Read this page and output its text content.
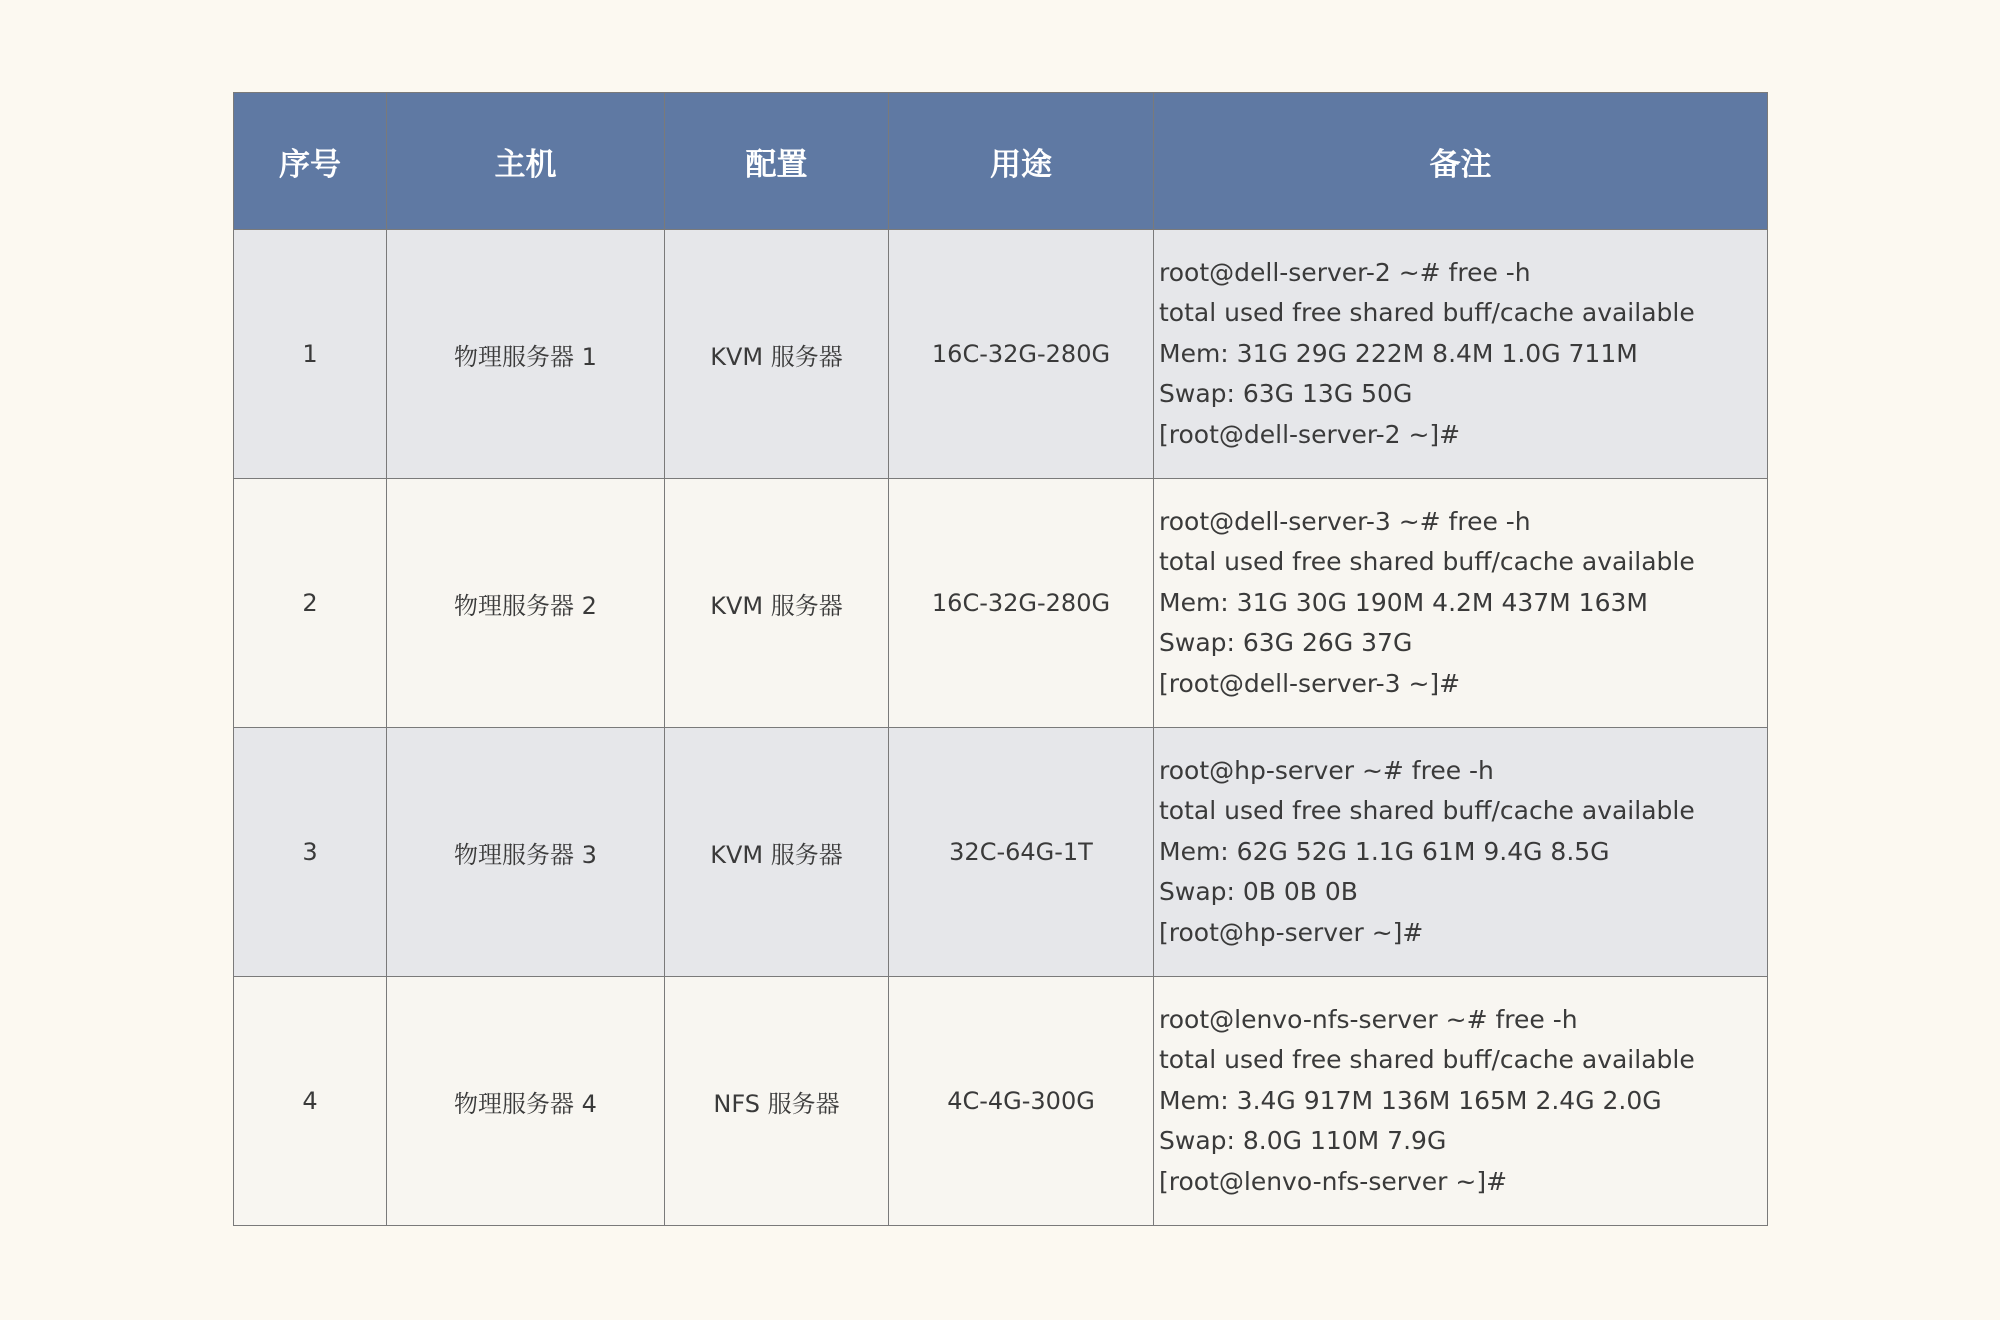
序号	主机	配置	用途	备注
1	物理服务器 1	KVM 服务器	16C-32G-280G	root@dell-server-2 ~# free -h
total used free shared buff/cache available
Mem: 31G 29G 222M 8.4M 1.0G 711M
Swap: 63G 13G 50G
[root@dell-server-2 ~]#

2	物理服务器 2	KVM 服务器	16C-32G-280G	root@dell-server-3 ~# free -h
total used free shared buff/cache available
Mem: 31G 30G 190M 4.2M 437M 163M
Swap: 63G 26G 37G
[root@dell-server-3 ~]#

3	物理服务器 3	KVM 服务器	32C-64G-1T	root@hp-server ~# free -h
total used free shared buff/cache available
Mem: 62G 52G 1.1G 61M 9.4G 8.5G
Swap: 0B 0B 0B
[root@hp-server ~]#

4	物理服务器 4	NFS 服务器	4C-4G-300G	root@lenvo-nfs-server ~# free -h
total used free shared buff/cache available
Mem: 3.4G 917M 136M 165M 2.4G 2.0G
Swap: 8.0G 110M 7.9G
[root@lenvo-nfs-server ~]#
